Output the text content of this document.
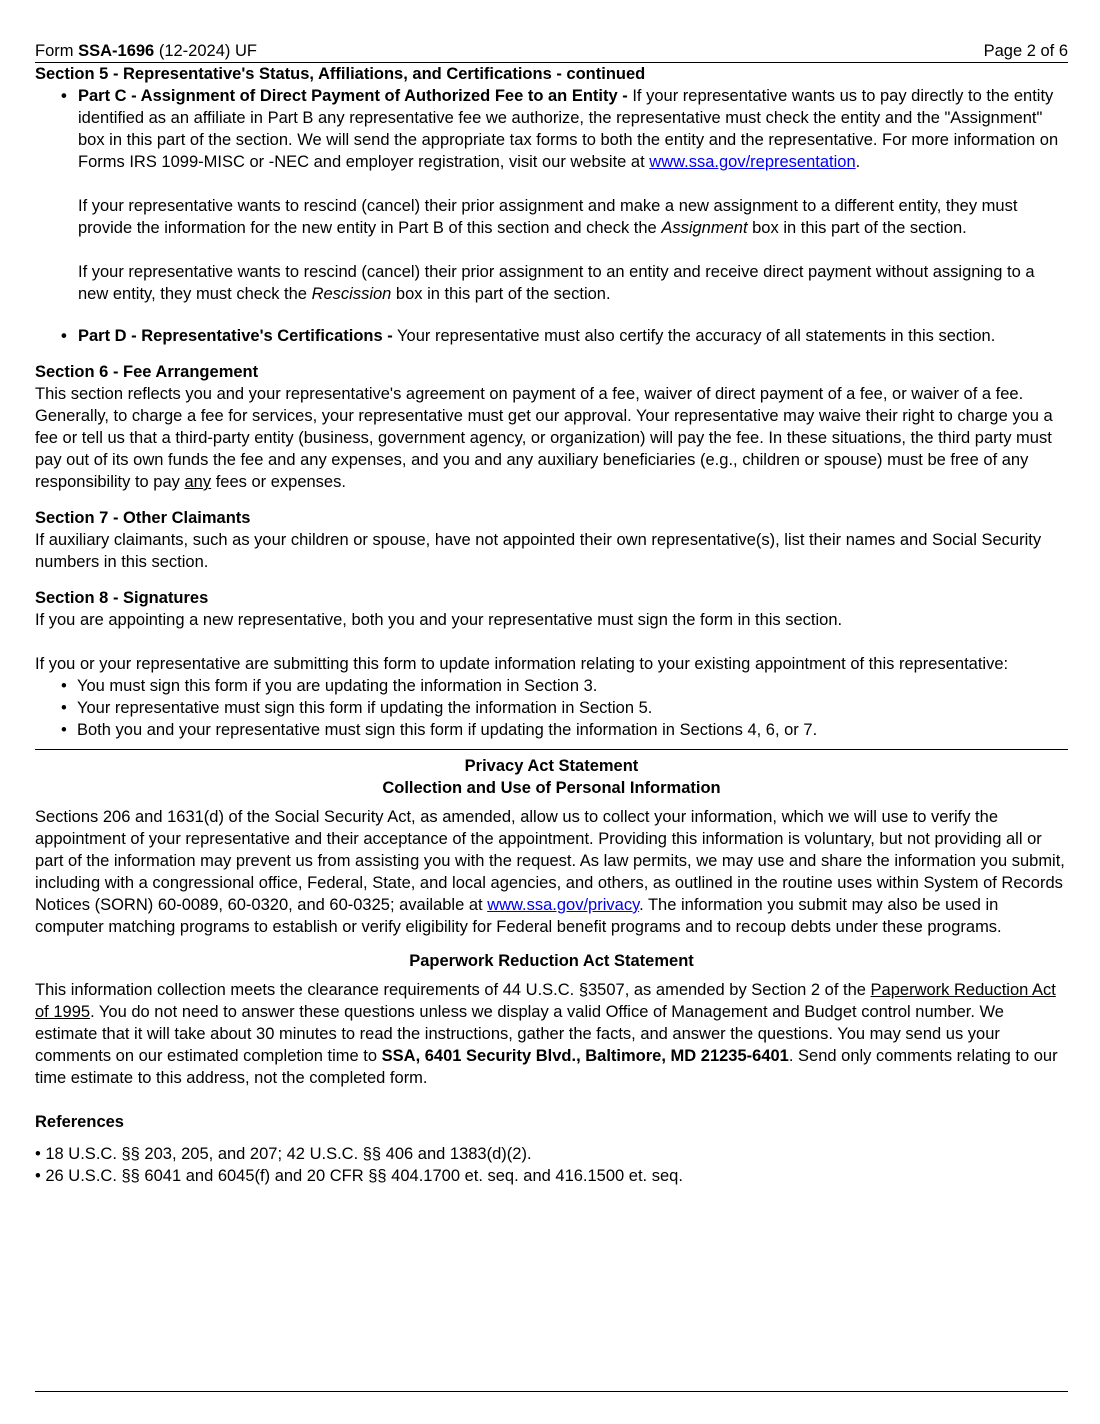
Form SSA-1696 (12-2024) UF	Page 2 of 6
Section 5 - Representative's Status, Affiliations, and Certifications - continued

• Part C - Assignment of Direct Payment of Authorized Fee to an Entity - If your representative wants us to pay directly to the entity identified as an affiliate in Part B any representative fee we authorize, the representative must check the entity and the "Assignment" box in this part of the section. We will send the appropriate tax forms to both the entity and the representative. For more information on Forms IRS 1099-MISC or -NEC and employer registration, visit our website at www.ssa.gov/representation.

If your representative wants to rescind (cancel) their prior assignment and make a new assignment to a different entity, they must provide the information for the new entity in Part B of this section and check the Assignment box in this part of the section.

If your representative wants to rescind (cancel) their prior assignment to an entity and receive direct payment without assigning to a new entity, they must check the Rescission box in this part of the section.

• Part D - Representative's Certifications - Your representative must also certify the accuracy of all statements in this section.

Section 6 - Fee Arrangement

This section reflects you and your representative's agreement on payment of a fee, waiver of direct payment of a fee, or waiver of a fee. Generally, to charge a fee for services, your representative must get our approval. Your representative may waive their right to charge you a fee or tell us that a third-party entity (business, government agency, or organization) will pay the fee. In these situations, the third party must pay out of its own funds the fee and any expenses, and you and any auxiliary beneficiaries (e.g., children or spouse) must be free of any responsibility to pay any fees or expenses.

Section 7 - Other Claimants

If auxiliary claimants, such as your children or spouse, have not appointed their own representative(s), list their names and Social Security numbers in this section.

Section 8 - Signatures

If you are appointing a new representative, both you and your representative must sign the form in this section.

If you or your representative are submitting this form to update information relating to your existing appointment of this representative:

• You must sign this form if you are updating the information in Section 3.
• Your representative must sign this form if updating the information in Section 5.
• Both you and your representative must sign this form if updating the information in Sections 4, 6, or 7.
Privacy Act Statement
Collection and Use of Personal Information

Sections 206 and 1631(d) of the Social Security Act, as amended, allow us to collect your information, which we will use to verify the appointment of your representative and their acceptance of the appointment. Providing this information is voluntary, but not providing all or part of the information may prevent us from assisting you with the request. As law permits, we may use and share the information you submit, including with a congressional office, Federal, State, and local agencies, and others, as outlined in the routine uses within System of Records Notices (SORN) 60-0089, 60-0320, and 60-0325; available at www.ssa.gov/privacy. The information you submit may also be used in computer matching programs to establish or verify eligibility for Federal benefit programs and to recoup debts under these programs.

Paperwork Reduction Act Statement

This information collection meets the clearance requirements of 44 U.S.C. §3507, as amended by Section 2 of the Paperwork Reduction Act of 1995. You do not need to answer these questions unless we display a valid Office of Management and Budget control number. We estimate that it will take about 30 minutes to read the instructions, gather the facts, and answer the questions. You may send us your comments on our estimated completion time to SSA, 6401 Security Blvd., Baltimore, MD 21235-6401. Send only comments relating to our time estimate to this address, not the completed form.

References
• 18 U.S.C. §§ 203, 205, and 207; 42 U.S.C. §§ 406 and 1383(d)(2).
• 26 U.S.C. §§ 6041 and 6045(f) and 20 CFR §§ 404.1700 et. seq. and 416.1500 et. seq.
